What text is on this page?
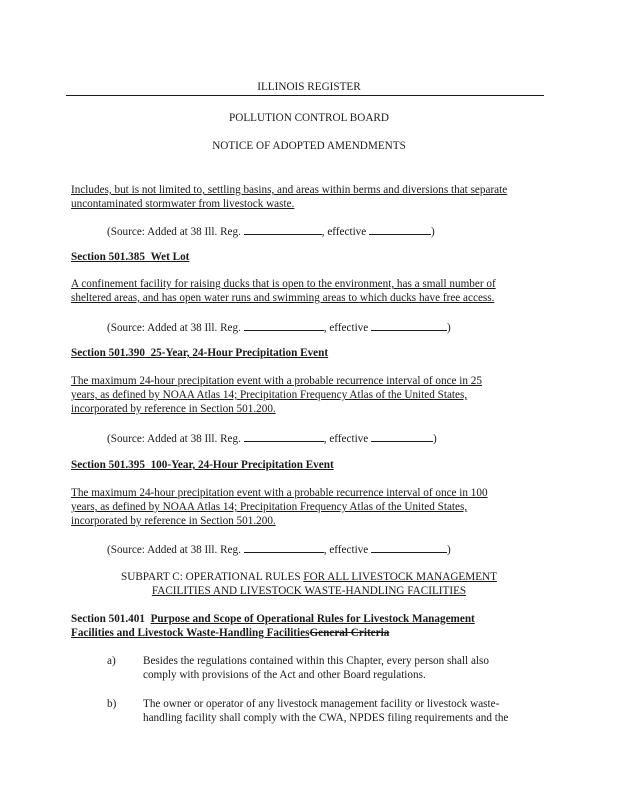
ILLINOIS REGISTER
POLLUTION CONTROL BOARD
NOTICE OF ADOPTED AMENDMENTS
Includes, but is not limited to, settling basins, and areas within berms and diversions that separate
uncontaminated stormwater from livestock waste.
(Source: Added at 38 Ill. Reg.	, effective	)
Section 501.385 Wet Lot
A confinement facility for raising ducks that is open to the environment, has a small number of
sheltered areas, and has open water runs and swimming areas to which ducks have free access.
(Source: Added at 38 Ill. Reg.	, effective	)
Section 501.390 25-Year, 24-Hour Precipitation Event
The maximum 24-hour precipitation event with a probable recurrence interval of once in 25
years, as defined by NOAA Atlas 14; Precipitation Frequency Atlas of the United States,
incorporated by reference in Section 501.200.
(Source: Added at 38 Ill. Reg.	, effective	)
Section 501.395 100-Year, 24-Hour Precipitation Event
The maximum 24-hour precipitation event with a probable recurrence interval of once in 100
years, as defined by NOAA Atlas 14; Precipitation Frequency Atlas of the United States,
incorporated by reference in Section 501.200.
(Source: Added at 38 Ill. Reg.	, effective	)
SUBPART C: OPERATIONAL RULES FOR ALL LIVESTOCK MANAGEMENT
FACILITIES AND LIVESTOCK WASTE-HANDLING FACILITIES
Section 501.401 Purpose and Scope of Operational Rules for Livestock Management
Facilities and Livestock Waste-Handling FacilitiesGeneral Criteria
a) Besides the regulations contained within this Chapter, every person shall also
comply with provisions of the Act and other Board regulations.
b) The owner or operator of any livestock management facility or livestock waste-
handling facility shall comply with the CWA, NPDES filing requirements and the
